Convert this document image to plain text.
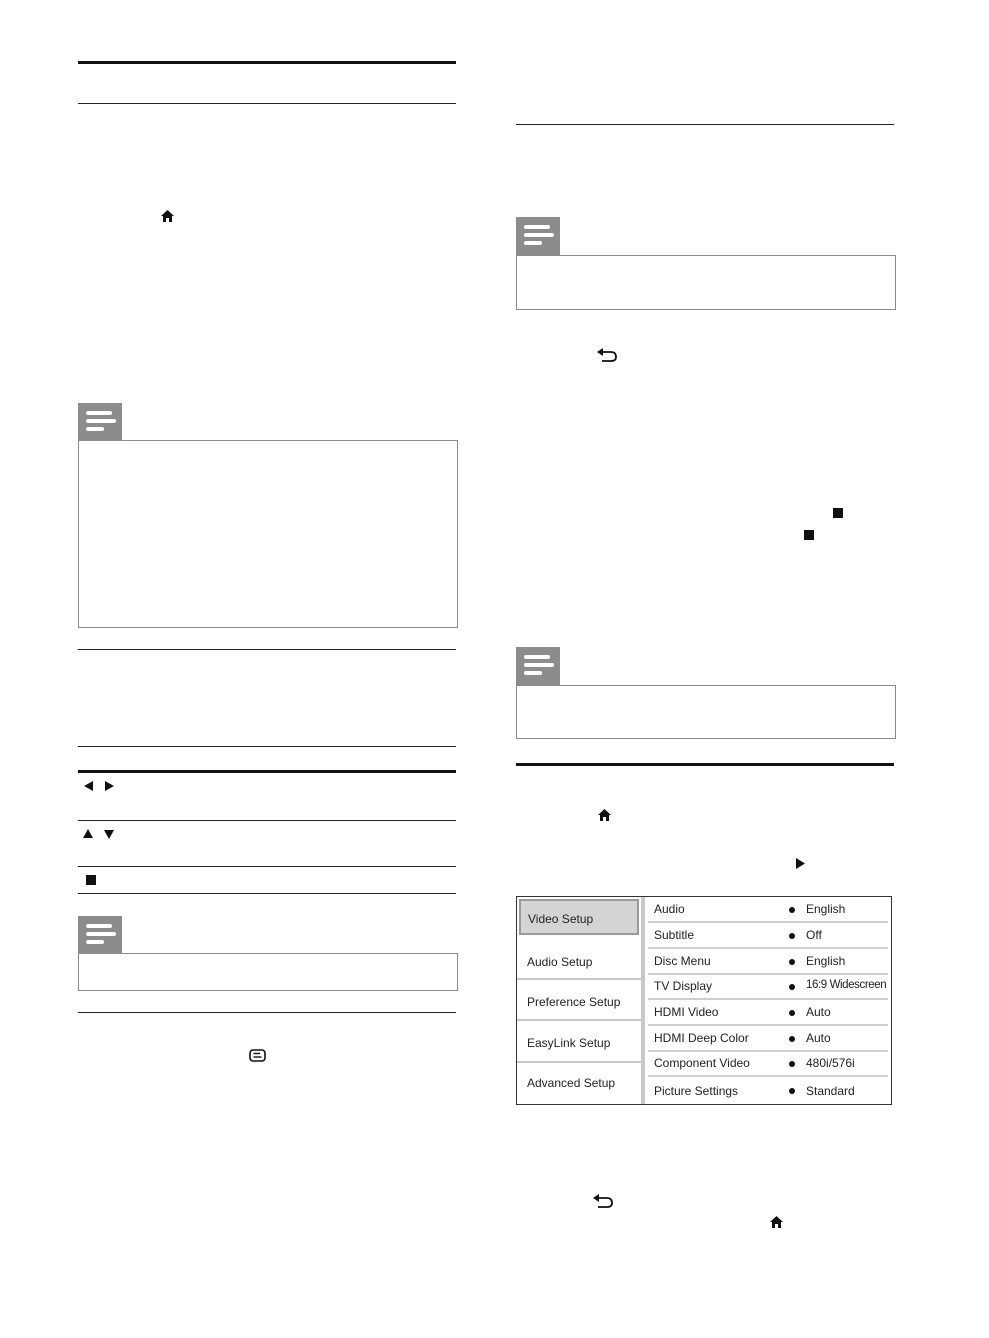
Video Setup
Audio Setup
Preference Setup
EasyLink Setup
Advanced Setup
Audio	English
Subtitle	Off
Disc Menu	English
TV Display	16:9 Widescreen
HDMI Video	Auto
HDMI Deep Color	Auto
Component Video	480i/576i
Picture Settings	Standard
